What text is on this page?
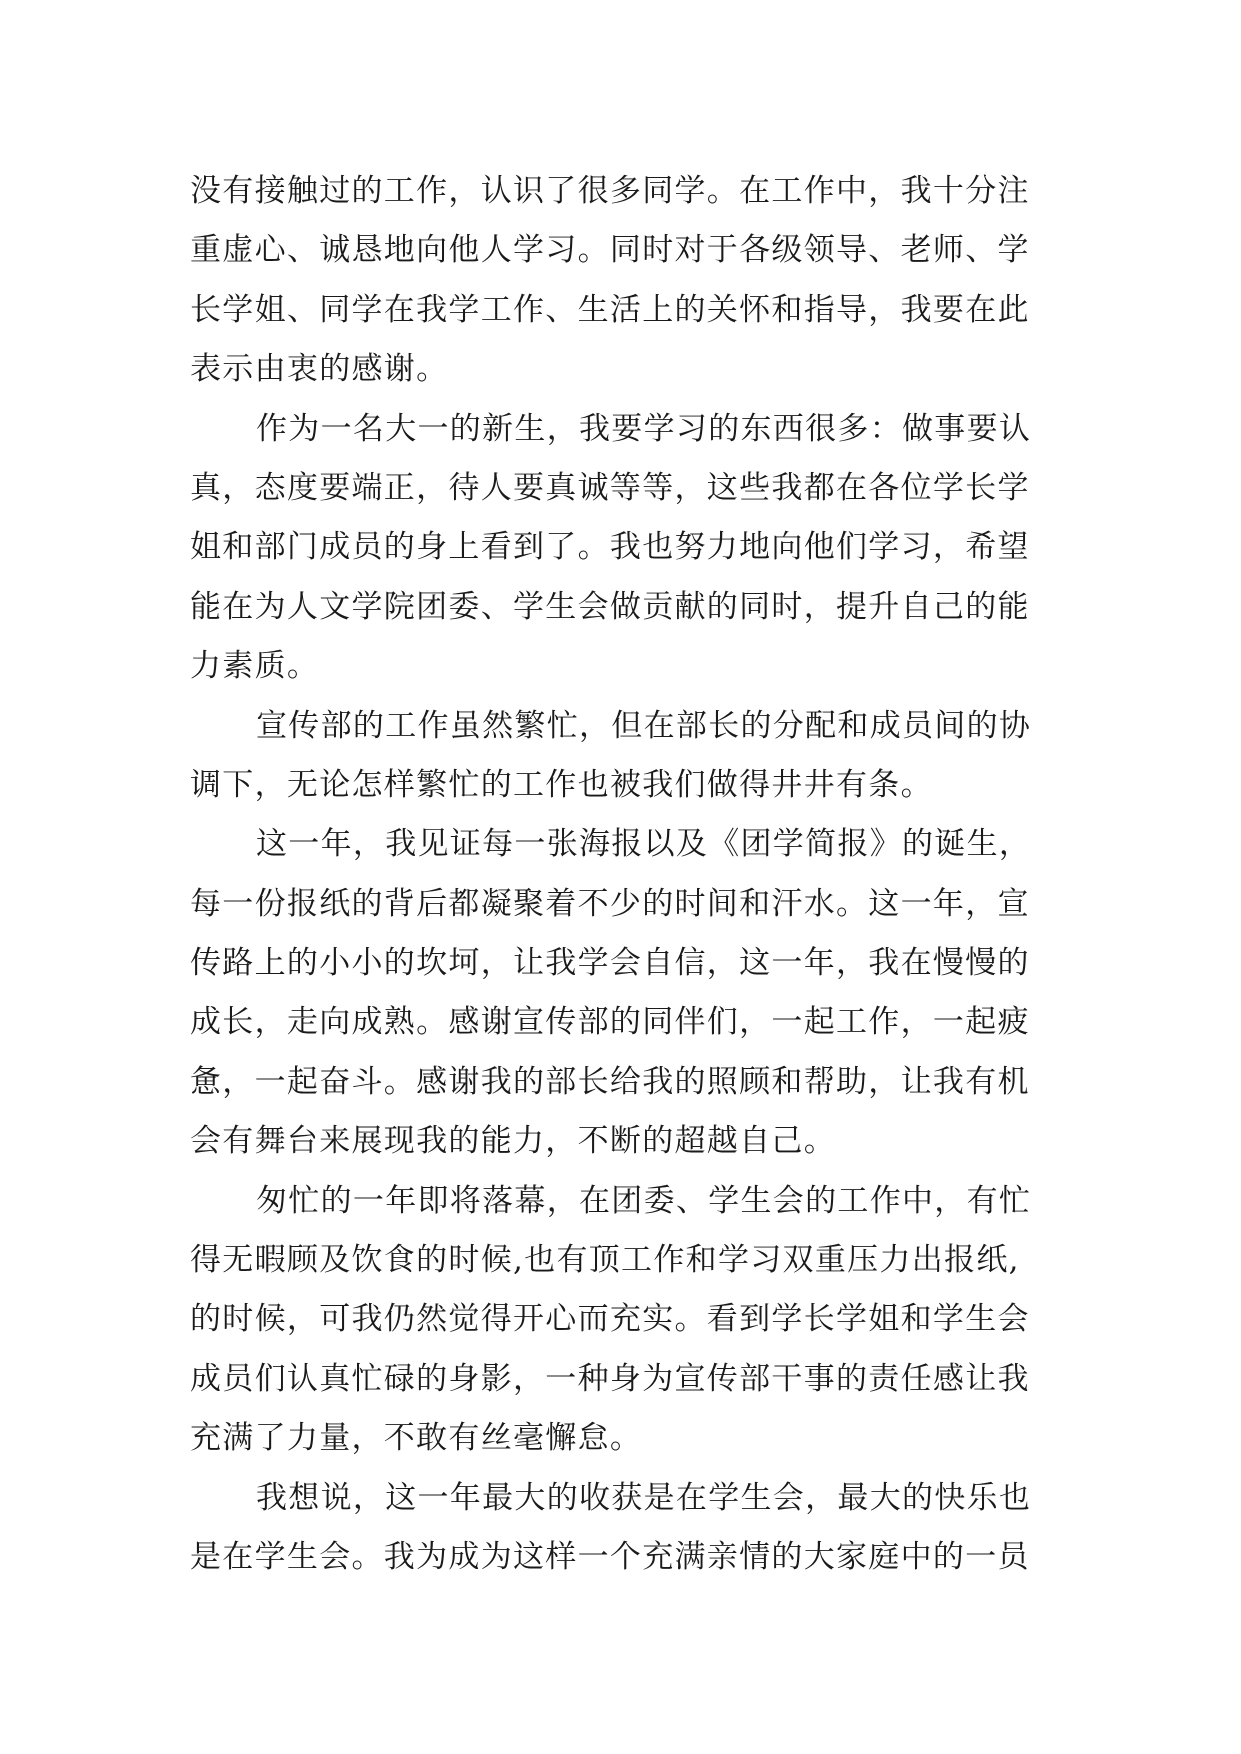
没有接触过的工作，认识了很多同学。在工作中，我十分注
重虚心、诚恳地向他人学习。同时对于各级领导、老师、学
长学姐、同学在我学工作、生活上的关怀和指导，我要在此
表示由衷的感谢。
作为一名大一的新生，我要学习的东西很多：做事要认
真，态度要端正，待人要真诚等等，这些我都在各位学长学
姐和部门成员的身上看到了。我也努力地向他们学习，希望
能在为人文学院团委、学生会做贡献的同时，提升自己的能
力素质。
宣传部的工作虽然繁忙，但在部长的分配和成员间的协
调下，无论怎样繁忙的工作也被我们做得井井有条。
这一年，我见证每一张海报以及《团学简报》的诞生，
每一份报纸的背后都凝聚着不少的时间和汗水。这一年，宣
传路上的小小的坎坷，让我学会自信，这一年，我在慢慢的
成长，走向成熟。感谢宣传部的同伴们，一起工作，一起疲
惫，一起奋斗。感谢我的部长给我的照顾和帮助，让我有机
会有舞台来展现我的能力，不断的超越自己。
匆忙的一年即将落幕，在团委、学生会的工作中，有忙
得无暇顾及饮食的时候,也有顶工作和学习双重压力出报纸,
的时候，可我仍然觉得开心而充实。看到学长学姐和学生会
成员们认真忙碌的身影，一种身为宣传部干事的责任感让我
充满了力量，不敢有丝毫懈怠。
我想说，这一年最大的收获是在学生会，最大的快乐也
是在学生会。我为成为这样一个充满亲情的大家庭中的一员
